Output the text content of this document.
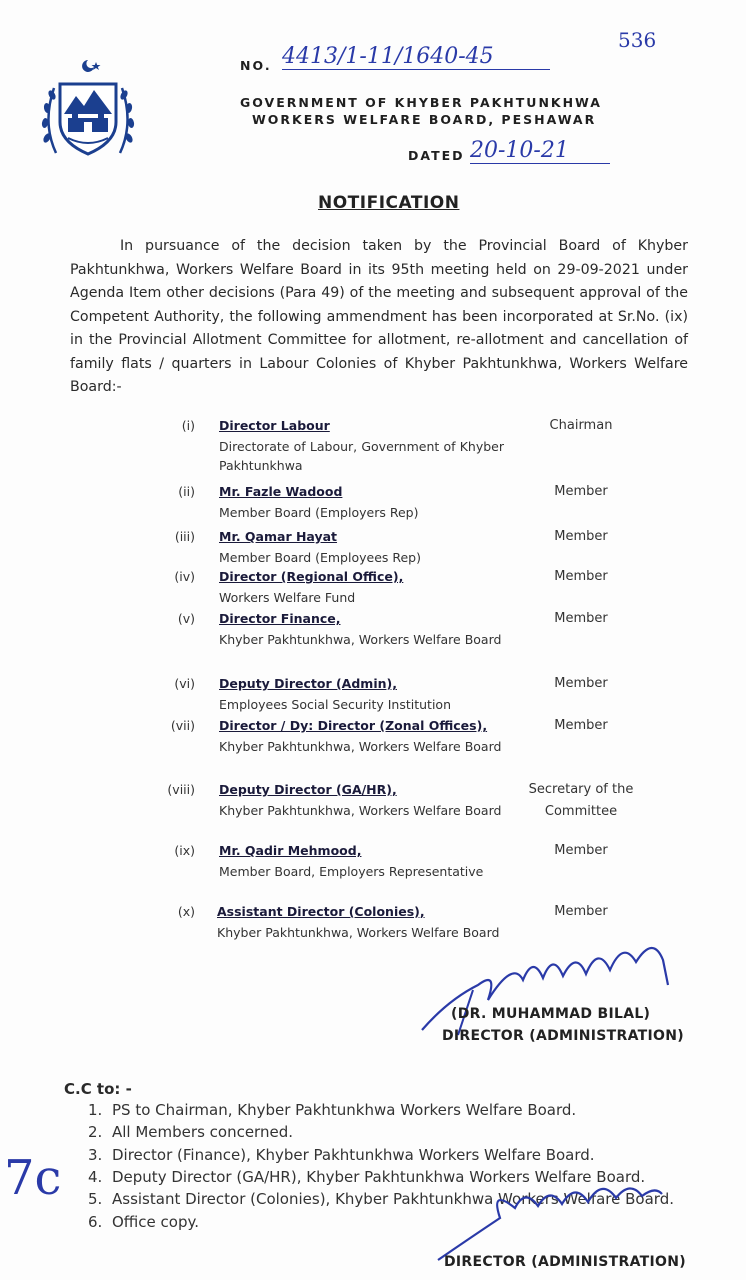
NO. 4413/1-11/1640-45
536
GOVERNMENT OF KHYBER PAKHTUNKHWA
WORKERS WELFARE BOARD, PESHAWAR
DATED 20-10-21
NOTIFICATION
In pursuance of the decision taken by the Provincial Board of Khyber Pakhtunkhwa, Workers Welfare Board in its 95th meeting held on 29-09-2021 under Agenda Item other decisions (Para 49) of the meeting and subsequent approval of the Competent Authority, the following ammendment has been incorporated at Sr.No. (ix) in the Provincial Allotment Committee for allotment, re-allotment and cancellation of family flats / quarters in Labour Colonies of Khyber Pakhtunkhwa, Workers Welfare Board:-
(i) Director Labour
Directorate of Labour, Government of Khyber Pakhtunkhwa
Chairman
(ii) Mr. Fazle Wadood
Member Board (Employers Rep)
Member
(iii) Mr. Qamar Hayat
Member Board (Employees Rep)
Member
(iv) Director (Regional Office),
Workers Welfare Fund
Member
(v) Director Finance,
Khyber Pakhtunkhwa, Workers Welfare Board
Member
(vi) Deputy Director (Admin),
Employees Social Security Institution
Member
(vii) Director / Dy: Director (Zonal Offices),
Khyber Pakhtunkhwa, Workers Welfare Board
Member
(viii) Deputy Director (GA/HR),
Khyber Pakhtunkhwa, Workers Welfare Board
Secretary of the Committee
(ix) Mr. Qadir Mehmood,
Member Board, Employers Representative
Member
(x) Assistant Director (Colonies),
Khyber Pakhtunkhwa, Workers Welfare Board
Member
(DR. MUHAMMAD BILAL)
DIRECTOR (ADMINISTRATION)
C.C to: -
1. PS to Chairman, Khyber Pakhtunkhwa Workers Welfare Board.
2. All Members concerned.
3. Director (Finance), Khyber Pakhtunkhwa Workers Welfare Board.
4. Deputy Director (GA/HR), Khyber Pakhtunkhwa Workers Welfare Board.
5. Assistant Director (Colonies), Khyber Pakhtunkhwa Workers Welfare Board.
6. Office copy.
7c
DIRECTOR (ADMINISTRATION)
